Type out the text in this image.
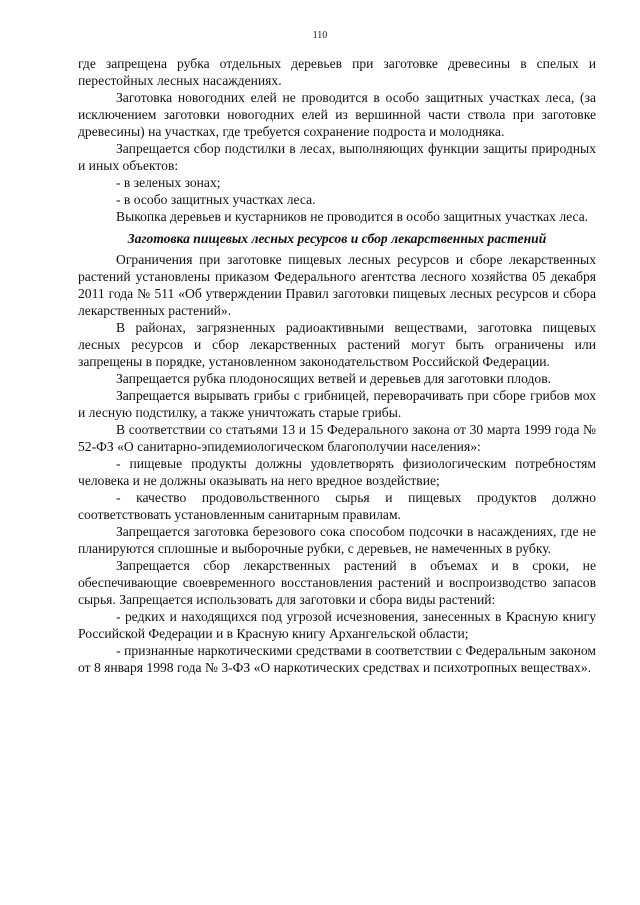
110

где запрещена рубка отдельных деревьев при заготовке древесины в спелых и перестойных лесных насаждениях.

Заготовка новогодних елей не проводится в особо защитных участках леса, (за исключением заготовки новогодних елей из вершинной части ствола при заготовке древесины) на участках, где требуется сохранение подроста и молодняка.

Запрещается сбор подстилки в лесах, выполняющих функции защиты природных и иных объектов:

- в зеленых зонах;

- в особо защитных участках леса.

Выкопка деревьев и кустарников не проводится в особо защитных участках леса.

Заготовка пищевых лесных ресурсов и сбор лекарственных растений

Ограничения при заготовке пищевых лесных ресурсов и сборе лекарственных растений установлены приказом Федерального агентства лесного хозяйства 05 декабря 2011 года № 511 «Об утверждении Правил заготовки пищевых лесных ресурсов и сбора лекарственных растений».

В районах, загрязненных радиоактивными веществами, заготовка пищевых лесных ресурсов и сбор лекарственных растений могут быть ограничены или запрещены в порядке, установленном законодательством Российской Федерации.

Запрещается рубка плодоносящих ветвей и деревьев для заготовки плодов.

Запрещается вырывать грибы с грибницей, переворачивать при сборе грибов мох и лесную подстилку, а также уничтожать старые грибы.

В соответствии со статьями 13 и 15 Федерального закона от 30 марта 1999 года № 52-ФЗ «О санитарно-эпидемиологическом благополучии населения»:

- пищевые продукты должны удовлетворять физиологическим потребностям человека и не должны оказывать на него вредное воздействие;

- качество продовольственного сырья и пищевых продуктов должно соответствовать установленным санитарным правилам.

Запрещается заготовка березового сока способом подсочки в насаждениях, где не планируются сплошные и выборочные рубки, с деревьев, не намеченных в рубку.

Запрещается сбор лекарственных растений в объемах и в сроки, не обеспечивающие своевременного восстановления растений и воспроизводство запасов сырья. Запрещается использовать для заготовки и сбора виды растений:

- редких и находящихся под угрозой исчезновения, занесенных в Красную книгу Российской Федерации и в Красную книгу Архангельской области;

- признанные наркотическими средствами в соответствии с Федеральным законом от 8 января 1998 года № 3-ФЗ «О наркотических средствах и психотропных веществах».
